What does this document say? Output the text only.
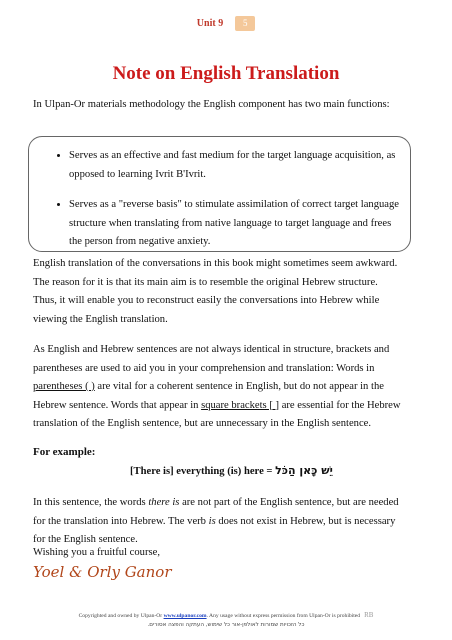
Unit 9	5
Note on English Translation

In Ulpan-Or materials methodology the English component has two main functions:

• Serves as an effective and fast medium for the target language acquisition, as opposed to learning Ivrit B'Ivrit.
• Serves as a "reverse basis" to stimulate assimilation of correct target language structure when translating from native language to target language and frees the person from negative anxiety.

English translation of the conversations in this book might sometimes seem awkward. The reason for it is that its main aim is to resemble the original Hebrew structure. Thus, it will enable you to reconstruct easily the conversations into Hebrew while viewing the English translation.

As English and Hebrew sentences are not always identical in structure, brackets and parentheses are used to aid you in your comprehension and translation: Words in parentheses ( ) are vital for a coherent sentence in English, but do not appear in the Hebrew sentence. Words that appear in square brackets [ ] are essential for the Hebrew translation of the English sentence, but are unnecessary in the English sentence.

For example:

[There is] everything (is) here = יֵשׁ כָּאן הַכֹּל

In this sentence, the words there is are not part of the English sentence, but are needed for the translation into Hebrew. The verb is does not exist in Hebrew, but is necessary for the English sentence.

Wishing you a fruitful course,

Yoel & Orly Ganor

Copyrighted and owned by Ulpan-Or www.ulpanor.com. Any usage without express permission from Ulpan-Or is prohibited RB
כל הזכויות שמורות לאולפן-אור כל שימוש, העתקה והפצה אסורים.
